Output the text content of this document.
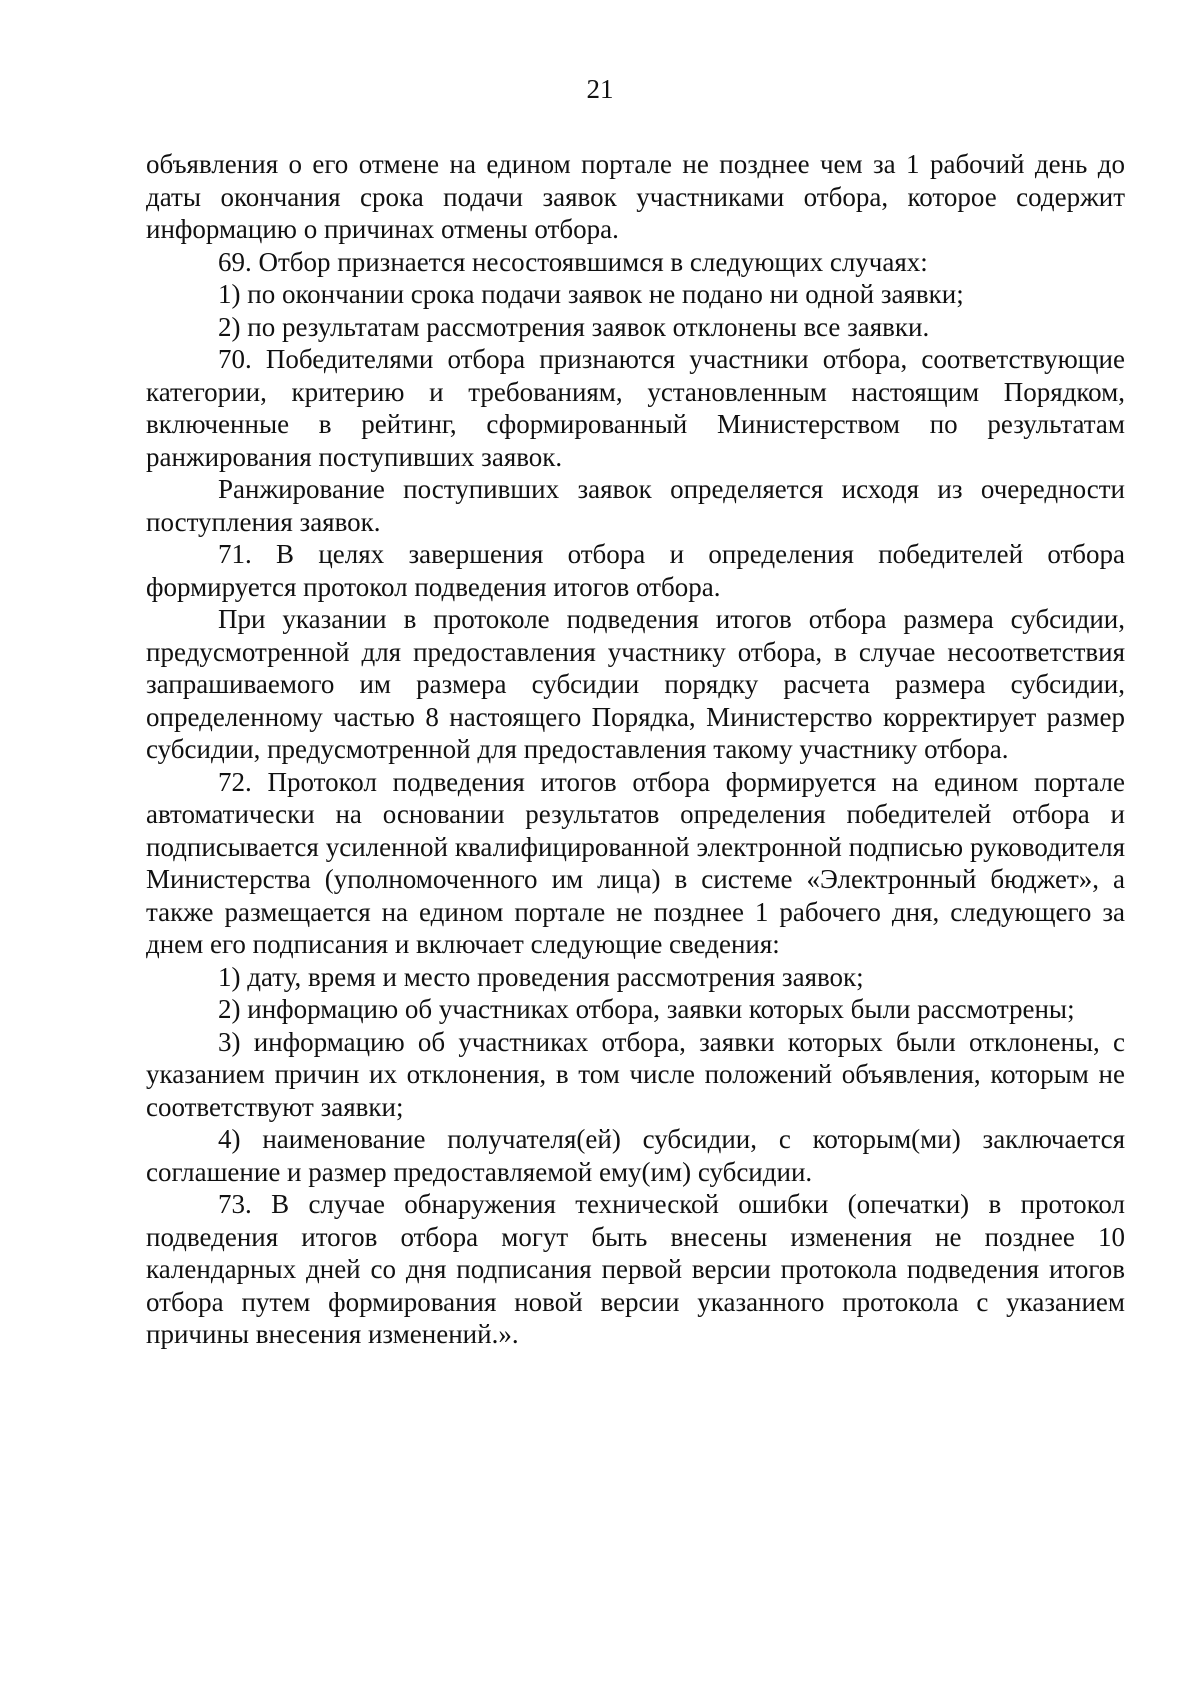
21

объявления о его отмене на едином портале не позднее чем за 1 рабочий день до даты окончания срока подачи заявок участниками отбора, которое содержит информацию о причинах отмены отбора.

69. Отбор признается несостоявшимся в следующих случаях:

1) по окончании срока подачи заявок не подано ни одной заявки;

2) по результатам рассмотрения заявок отклонены все заявки.

70. Победителями отбора признаются участники отбора, соответствующие категории, критерию и требованиям, установленным настоящим Порядком, включенные в рейтинг, сформированный Министерством по результатам ранжирования поступивших заявок.

Ранжирование поступивших заявок определяется исходя из очередности поступления заявок.

71. В целях завершения отбора и определения победителей отбора формируется протокол подведения итогов отбора.

При указании в протоколе подведения итогов отбора размера субсидии, предусмотренной для предоставления участнику отбора, в случае несоответствия запрашиваемого им размера субсидии порядку расчета размера субсидии, определенному частью 8 настоящего Порядка, Министерство корректирует размер субсидии, предусмотренной для предоставления такому участнику отбора.

72. Протокол подведения итогов отбора формируется на едином портале автоматически на основании результатов определения победителей отбора и подписывается усиленной квалифицированной электронной подписью руководителя Министерства (уполномоченного им лица) в системе «Электронный бюджет», а также размещается на едином портале не позднее 1 рабочего дня, следующего за днем его подписания и включает следующие сведения:

1) дату, время и место проведения рассмотрения заявок;

2) информацию об участниках отбора, заявки которых были рассмотрены;

3) информацию об участниках отбора, заявки которых были отклонены, с указанием причин их отклонения, в том числе положений объявления, которым не соответствуют заявки;

4) наименование получателя(ей) субсидии, с которым(ми) заключается соглашение и размер предоставляемой ему(им) субсидии.

73. В случае обнаружения технической ошибки (опечатки) в протокол подведения итогов отбора могут быть внесены изменения не позднее 10 календарных дней со дня подписания первой версии протокола подведения итогов отбора путем формирования новой версии указанного протокола с указанием причины внесения изменений.».
